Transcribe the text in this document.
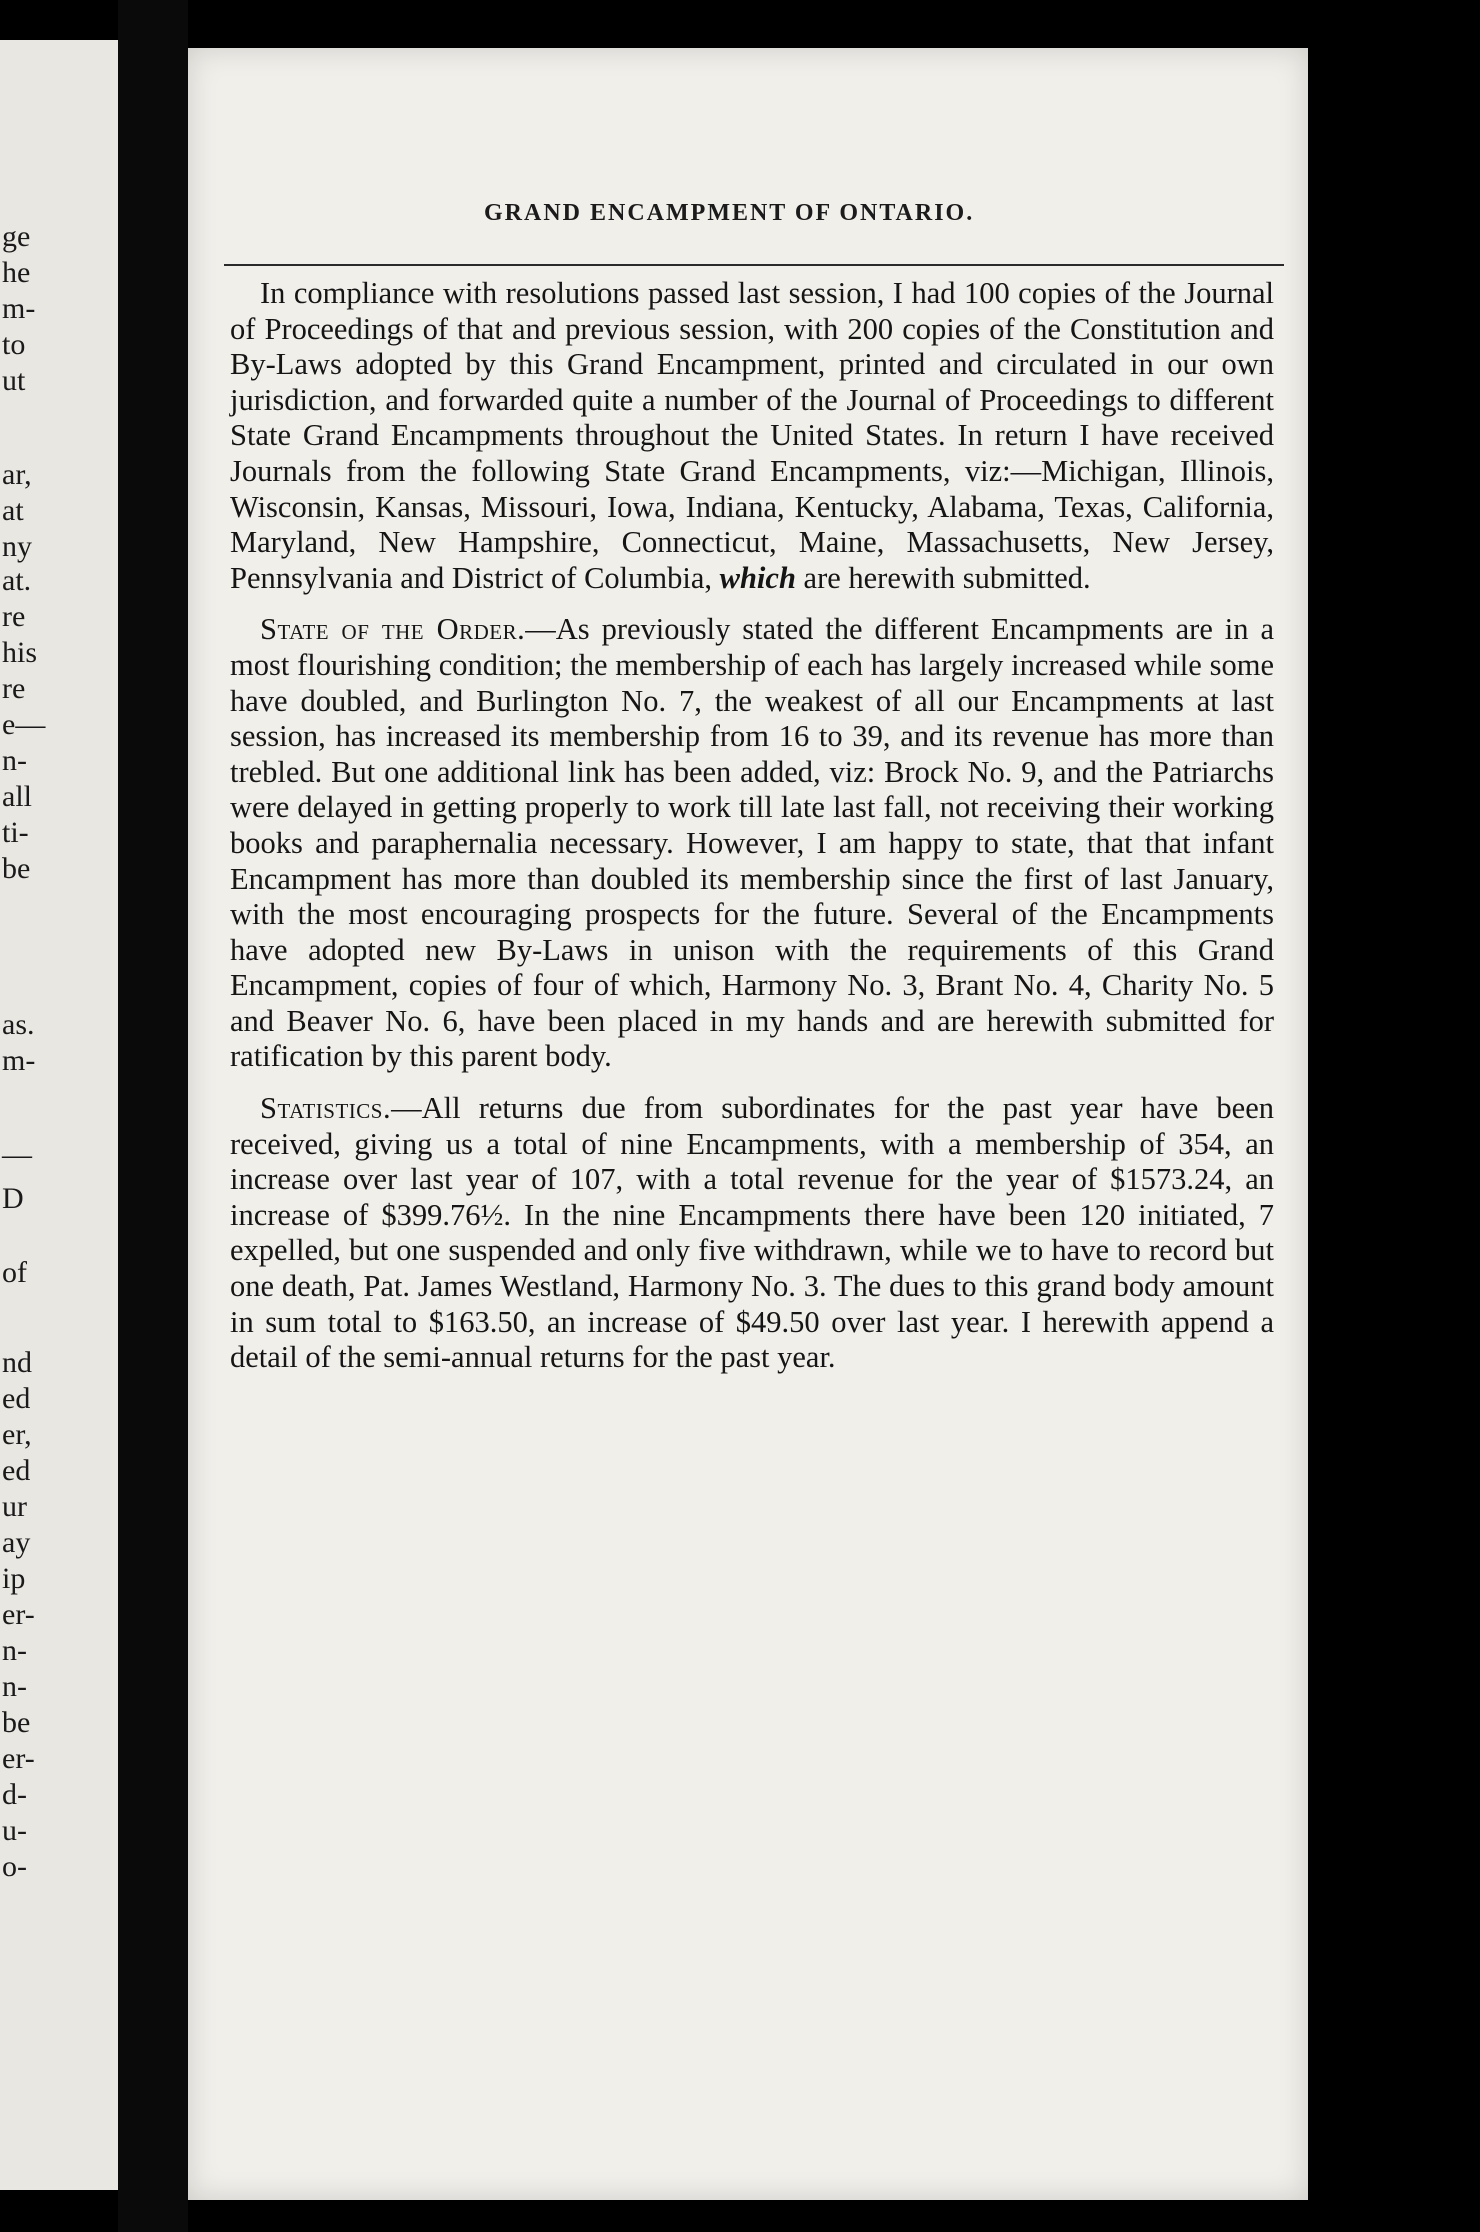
ge
he
m-
to
ut
ar,
at
ny
at.
re
his
re
e—
n-
all
ti-
be
as.
m-
—
D
of
nd
ed
er,
ed
ur
ay
ip
er-
n-
n-
be
er-
d-
u-
o-
GRAND ENCAMPMENT OF ONTARIO.

In compliance with resolutions passed last session, I had 100 copies of the Journal of Proceedings of that and previous session, with 200 copies of the Constitution and By-Laws adopted by this Grand Encampment, printed and circulated in our own jurisdiction, and forwarded quite a number of the Journal of Proceedings to different State Grand Encampments throughout the United States. In return I have received Journals from the following State Grand Encampments, viz:—Michigan, Illinois, Wisconsin, Kansas, Missouri, Iowa, Indiana, Kentucky, Alabama, Texas, California, Maryland, New Hampshire, Connecticut, Maine, Massachusetts, New Jersey, Pennsylvania and District of Columbia, which are herewith submitted.

State of the Order.—As previously stated the different Encampments are in a most flourishing condition; the membership of each has largely increased while some have doubled, and Burlington No. 7, the weakest of all our Encampments at last session, has increased its membership from 16 to 39, and its revenue has more than trebled. But one additional link has been added, viz: Brock No. 9, and the Patriarchs were delayed in getting properly to work till late last fall, not receiving their working books and paraphernalia necessary. However, I am happy to state, that that infant Encampment has more than doubled its membership since the first of last January, with the most encouraging prospects for the future. Several of the Encampments have adopted new By-Laws in unison with the requirements of this Grand Encampment, copies of four of which, Harmony No. 3, Brant No. 4, Charity No. 5 and Beaver No. 6, have been placed in my hands and are herewith submitted for ratification by this parent body.

Statistics.—All returns due from subordinates for the past year have been received, giving us a total of nine Encampments, with a membership of 354, an increase over last year of 107, with a total revenue for the year of $1573.24, an increase of $399.76½. In the nine Encampments there have been 120 initiated, 7 expelled, but one suspended and only five withdrawn, while we to have to record but one death, Pat. James Westland, Harmony No. 3. The dues to this grand body amount in sum total to $163.50, an increase of $49.50 over last year. I herewith append a detail of the semi-annual returns for the past year.
